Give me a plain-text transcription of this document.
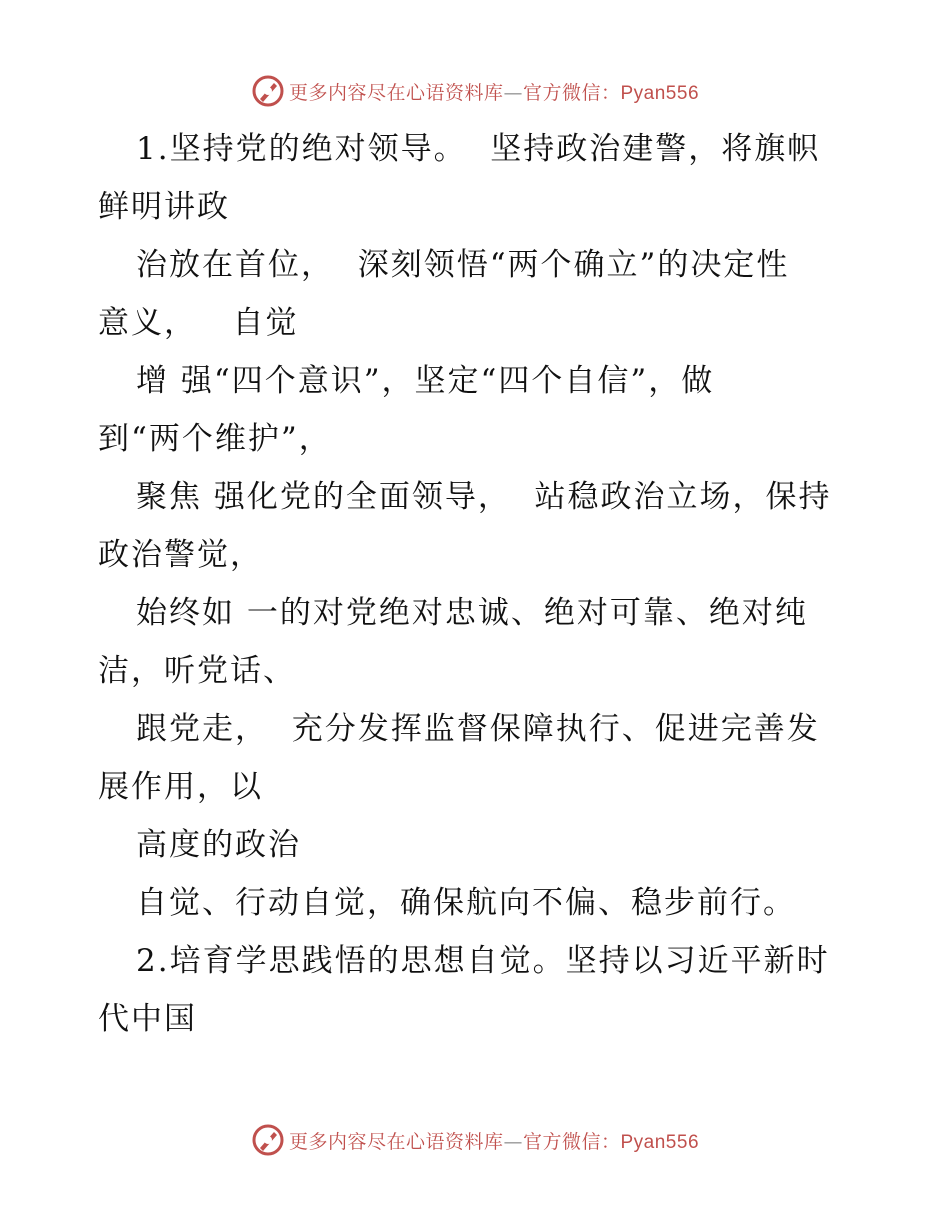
更多内容尽在心语资料库—官方微信：Pyan556
1.坚持党的绝对领导。  坚持政治建警，将旗帜
鲜明讲政
治放在首位，  深刻领悟“两个确立”的决定性
意义，   自觉
增 强“四个意识”，坚定“四个自信”，做
到“两个维护”，
聚焦 强化党的全面领导，  站稳政治立场，保持
政治警觉，
始终如 一的对党绝对忠诚、绝对可靠、绝对纯
洁，听党话、
跟党走，  充分发挥监督保障执行、促进完善发
展作用，以
高度的政治
自觉、行动自觉，确保航向不偏、稳步前行。
2.培育学思践悟的思想自觉。坚持以习近平新时
代中国
更多内容尽在心语资料库—官方微信：Pyan556
